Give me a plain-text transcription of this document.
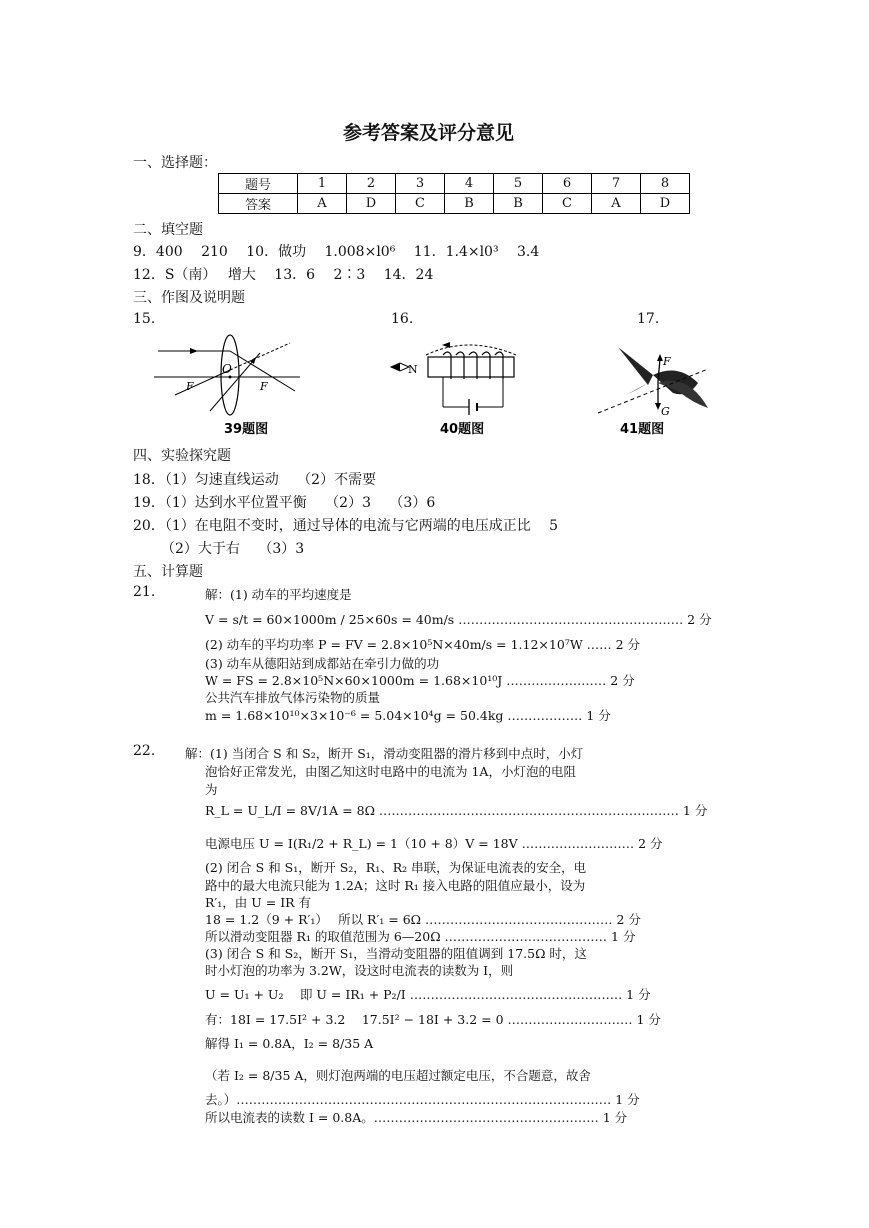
参考答案及评分意见
一、选择题：
题号	1	2	3	4	5	6	7	8
答案	A	D	C	B	B	C	A	D
二、填空题
9．400　 210　 10．做功　 1.008×l0⁶　 11．1.4×l0³　 3.4
12．S（南）　 增大　 13．6　 2∶3　 14．24
三、作图及说明题
15.	16.	17.
O
F	F
39题图
N
40题图
F
G
41题图
四、实验探究题
18．（1）匀速直线运动　 （2）不需要
19．（1）达到水平位置平衡　 （2）3　 （3）6
20．（1）在电阻不变时，通过导体的电流与它两端的电压成正比　 5
（2）大于右　 （3）3
五、计算题
21.	解：(1) 动车的平均速度是
V = s/t = 60×1000m / 25×60s = 40m/s ……………………………………………… 2 分
(2) 动车的平均功率 P = FV = 2.8×10⁵N×40m/s = 1.12×10⁷W …… 2 分
(3) 动车从德阳站到成都站在牵引力做的功
W = FS = 2.8×10⁵N×60×1000m = 1.68×10¹⁰J …………………… 2 分
公共汽车排放气体污染物的质量
m = 1.68×10¹⁰×3×10⁻⁶ = 5.04×10⁴g = 50.4kg ……………… 1 分
22. 解：(1) 当闭合 S 和 S₂，断开 S₁，滑动变阻器的滑片移到中点时，小灯
泡恰好正常发光，由图乙知这时电路中的电流为 1A，小灯泡的电阻
为
R_L = U_L/I = 8V/1A = 8Ω ……………………………………………………………… 1 分
电源电压 U = I(R₁/2 + R_L) = 1（10 + 8）V = 18V ……………………… 2 分
(2) 闭合 S 和 S₁，断开 S₂，R₁、R₂ 串联，为保证电流表的安全，电
路中的最大电流只能为 1.2A；这时 R₁ 接入电路的阻值应最小，设为
R′₁，由 U = IR 有
18 = 1.2（9 + R′₁）　 所以 R′₁ = 6Ω ……………………………………… 2 分
所以滑动变阻器 R₁ 的取值范围为 6—20Ω ………………………………… 1 分
(3) 闭合 S 和 S₂，断开 S₁，当滑动变阻器的阻值调到 17.5Ω 时，这
时小灯泡的功率为 3.2W，设这时电流表的读数为 I，则
U = U₁ + U₂　 即 U = IR₁ + P₂/I …………………………………………… 1 分
有：18I = 17.5I² + 3.2　 17.5I² − 18I + 3.2 = 0 ………………………… 1 分
解得 I₁ = 0.8A，I₂ = 8/35 A
（若 I₂ = 8/35 A，则灯泡两端的电压超过额定电压，不合题意，故舍
去。）……………………………………………………………………………… 1 分
所以电流表的读数 I = 0.8A。……………………………………………… 1 分
